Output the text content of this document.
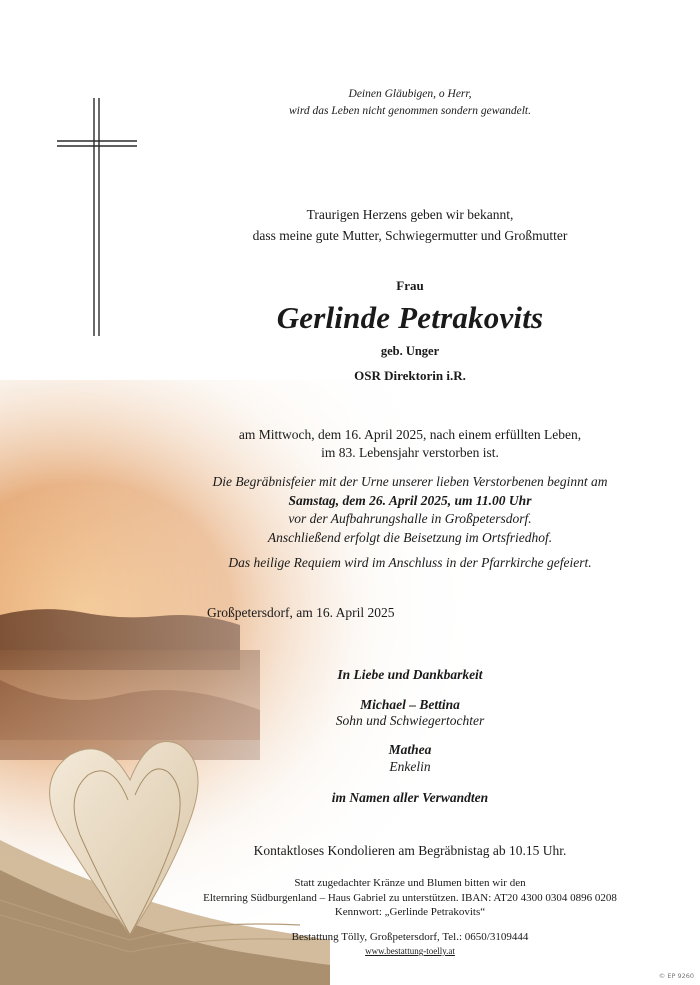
Deinen Gläubigen, o Herr,
wird das Leben nicht genommen sondern gewandelt.
Traurigen Herzens geben wir bekannt,
dass meine gute Mutter, Schwiegermutter und Großmutter
Frau
Gerlinde Petrakovits
geb. Unger
OSR Direktorin i.R.
am Mittwoch, dem 16. April 2025, nach einem erfüllten Leben,
im 83. Lebensjahr verstorben ist.
Die Begräbnisfeier mit der Urne unserer lieben Verstorbenen beginnt am
Samstag, dem 26. April 2025, um 11.00 Uhr
vor der Aufbahrungshalle in Großpetersdorf.
Anschließend erfolgt die Beisetzung im Ortsfriedhof.
Das heilige Requiem wird im Anschluss in der Pfarrkirche gefeiert.
Großpetersdorf, am 16. April 2025
In Liebe und Dankbarkeit
Michael – Bettina
Sohn und Schwiegertochter
Mathea
Enkelin
im Namen aller Verwandten
Kontaktloses Kondolieren am Begräbnistag ab 10.15 Uhr.
Statt zugedachter Kränze und Blumen bitten wir den
Elternring Südburgenland – Haus Gabriel zu unterstützen. IBAN: AT20 4300 0304 0896 0208
Kennwort: „Gerlinde Petrakovits“
Bestattung Tölly, Großpetersdorf, Tel.: 0650/3109444
www.bestattung-toelly.at
© EP 9260
